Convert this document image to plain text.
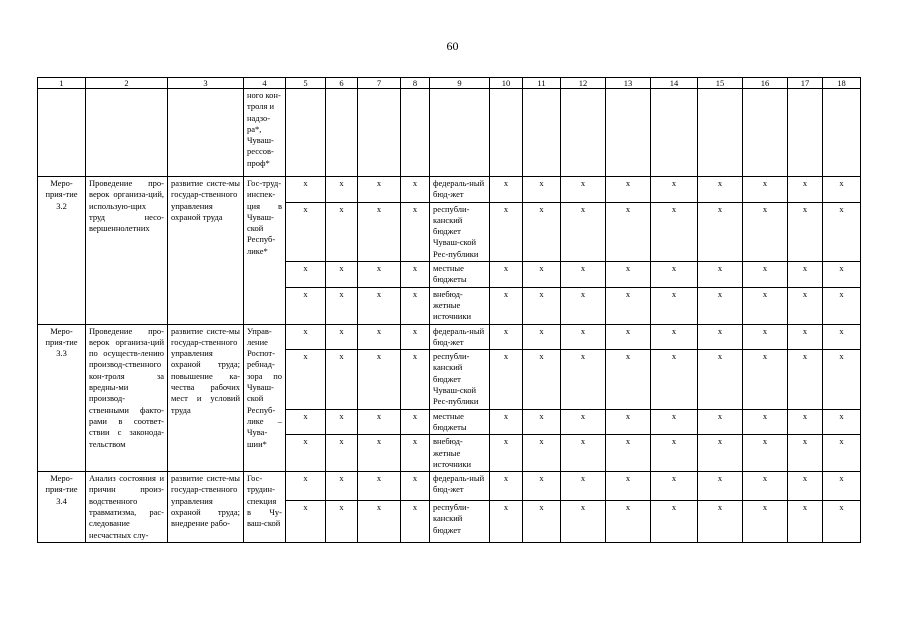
60
1	2	3	4	5	6	7	8	9	10	11	12	13	14	15	16	17	18
			ного кон-троля и надзо-ра*, Чуваш-рессов-проф*														
Меро-прия-тие 3.2	Проведение про-верок организа-ций, использую-щих труд несо-вершеннолетних	развитие систе-мы государ-ственного управления охраной труда	Гос-труд-инспек-ция в Чуваш-ской Респуб-лике*	х	х	х	х	федераль-ный бюд-жет	х	х	х	х	х	х	х	х	х
				х	х	х	х	республи-канский бюджет Чуваш-ской Рес-публики	х	х	х	х	х	х	х	х	х
				х	х	х	х	местные бюджеты	х	х	х	х	х	х	х	х	х
				х	х	х	х	внебюд-жетные источники	х	х	х	х	х	х	х	х	х
Меро-прия-тие 3.3	Проведение про-верок организа-ций по осуществ-лению производ-ственного кон-троля за вредны-ми производ-ственными факто-рами в соответ-ствии с законода-тельством	развитие систе-мы государ-ственного управления охраной труда; повышение ка-чества рабочих мест и условий труда	Управ-ление Роспот-ребнад-зора по Чуваш-ской Респуб-лике – Чува-шии*	х	х	х	х	федераль-ный бюд-жет	х	х	х	х	х	х	х	х	х
				х	х	х	х	республи-канский бюджет Чуваш-ской Рес-публики	х	х	х	х	х	х	х	х	х
				х	х	х	х	местные бюджеты	х	х	х	х	х	х	х	х	х
				х	х	х	х	внебюд-жетные источники	х	х	х	х	х	х	х	х	х
Меро-прия-тие 3.4	Анализ состояния и причин произ-водственного травматизма, рас-следование несчастных слу-	развитие систе-мы государ-ственного управления охраной труда; внедрение рабо-	Гос-трудин-спекция в Чу-ваш-ской	х	х	х	х	федераль-ный бюд-жет	х	х	х	х	х	х	х	х	х
				х	х	х	х	республи-канский бюджет	х	х	х	х	х	х	х	х	х
